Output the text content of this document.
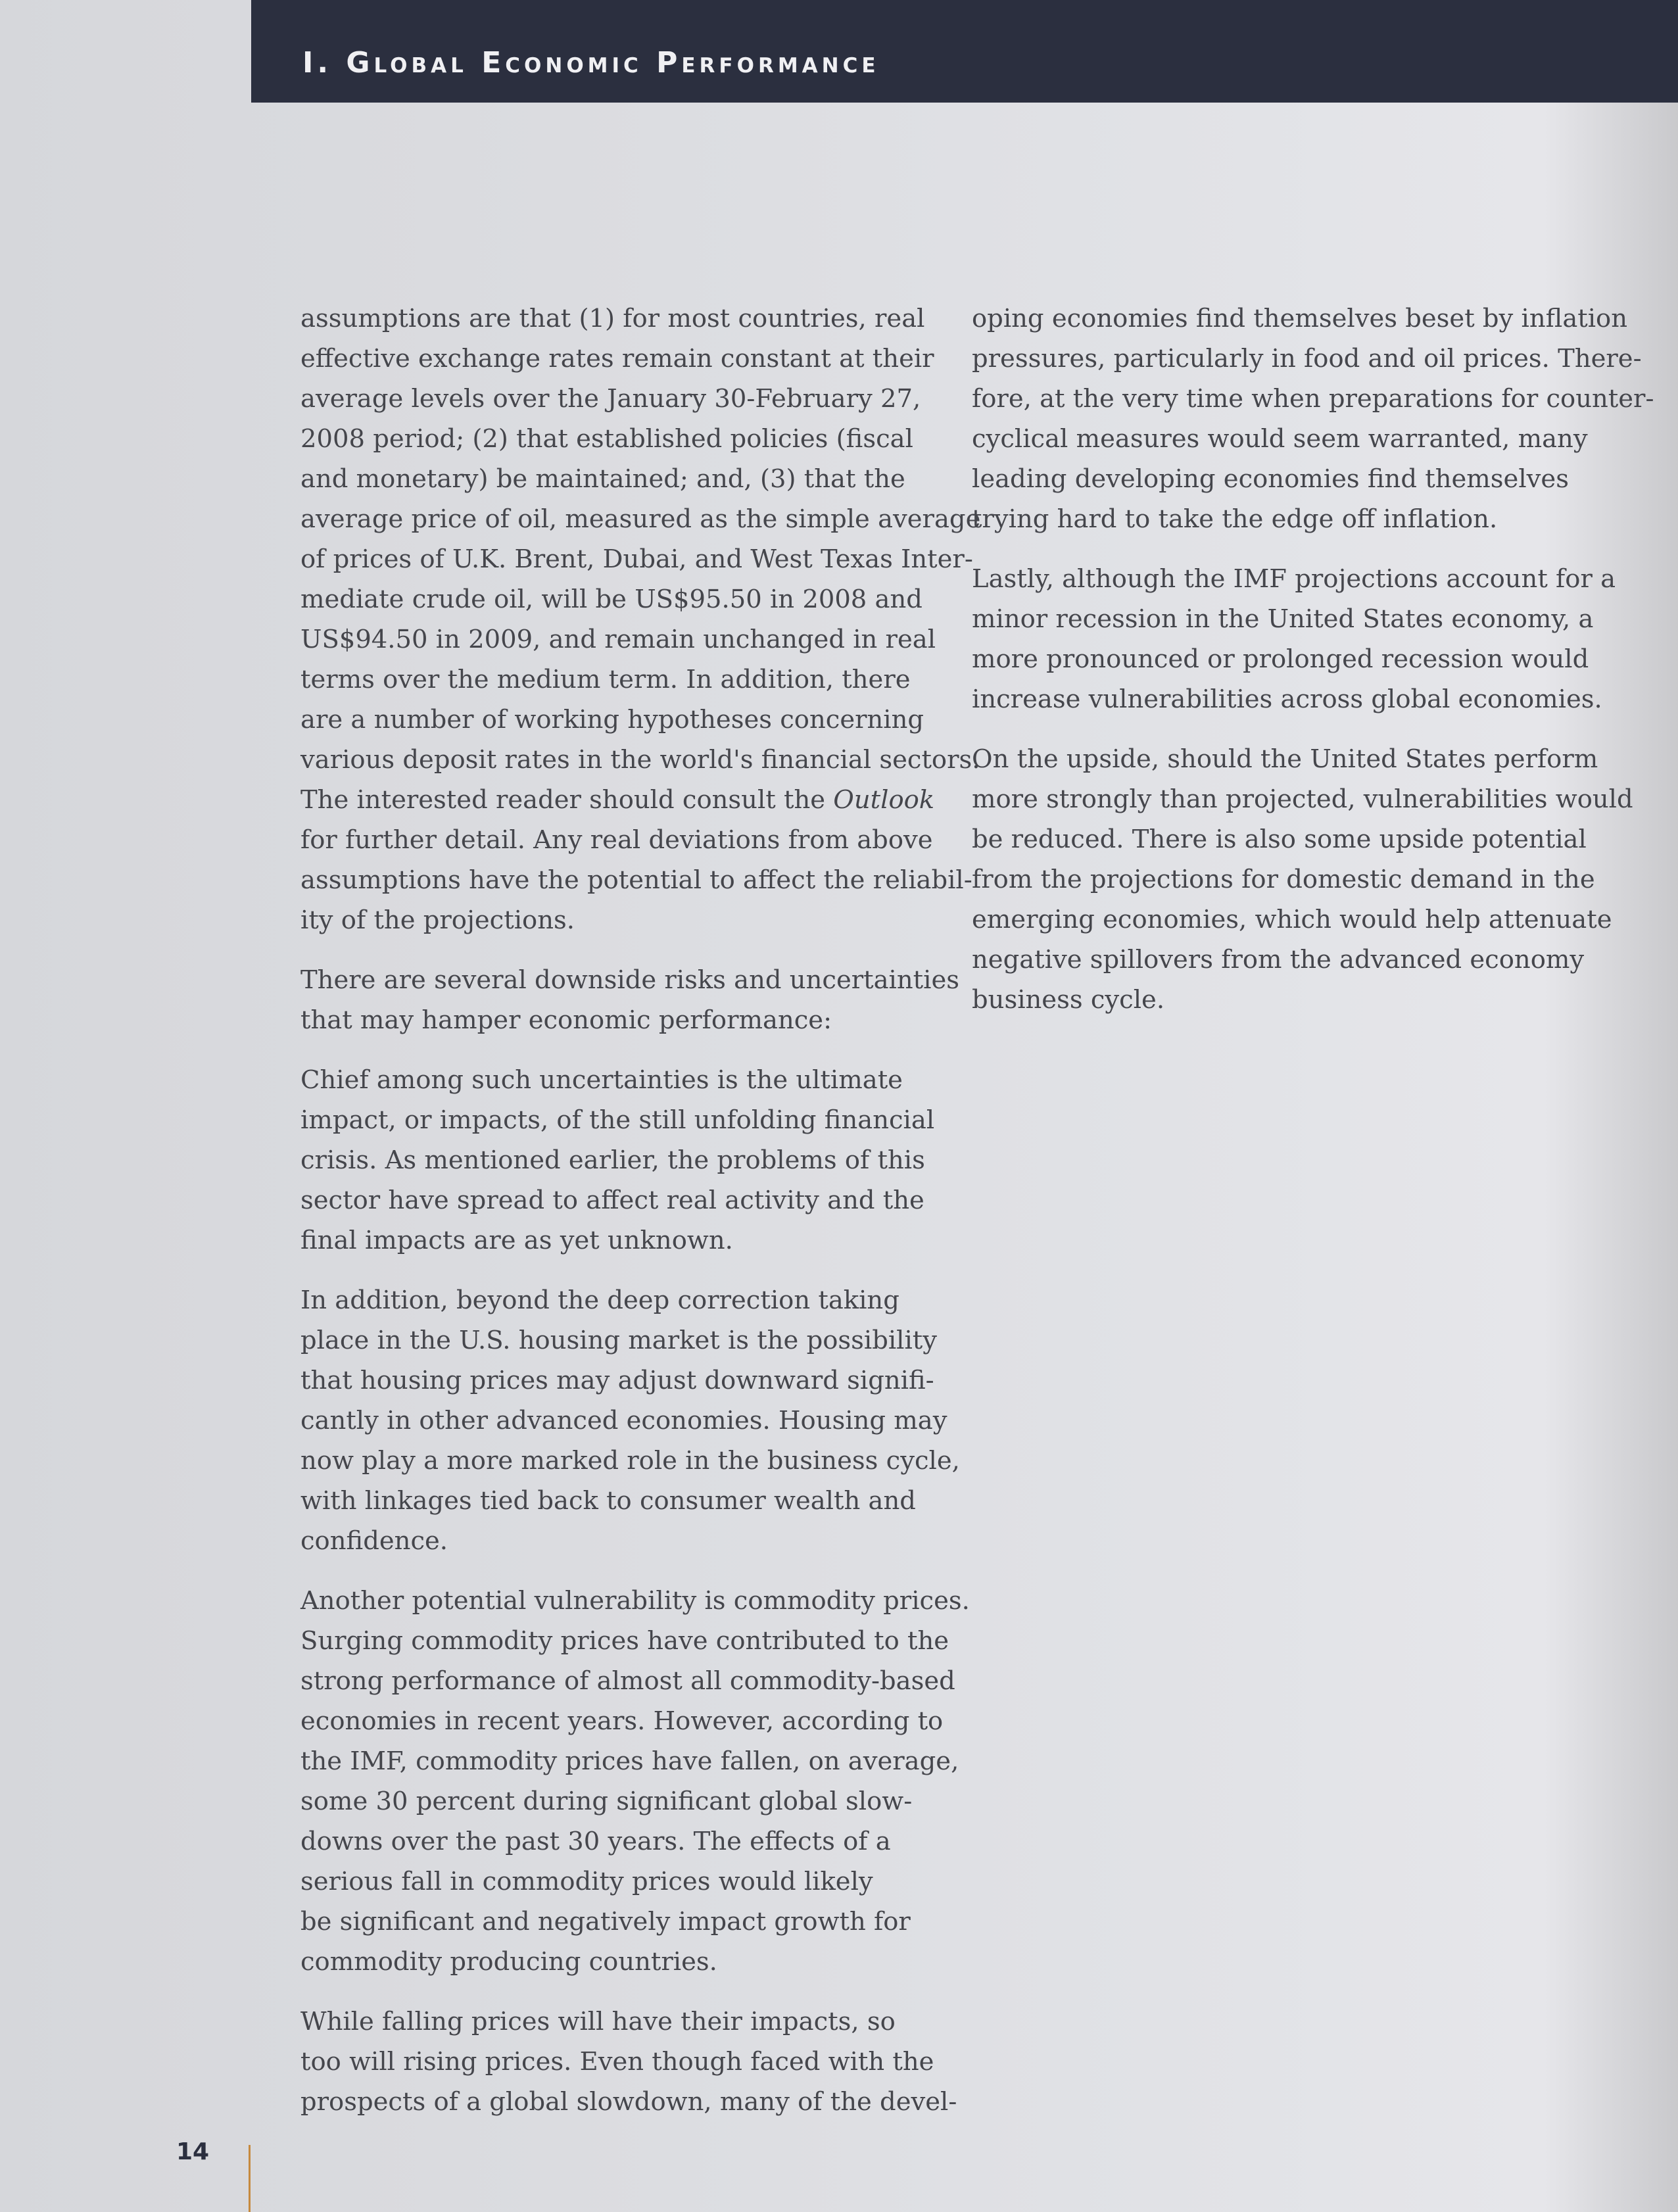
I. Global Economic Performance
assumptions are that (1) for most countries, real
effective exchange rates remain constant at their
average levels over the January 30-February 27,
2008 period; (2) that established policies (fiscal
and monetary) be maintained; and, (3) that the
average price of oil, measured as the simple average
of prices of U.K. Brent, Dubai, and West Texas Inter-
mediate crude oil, will be US$95.50 in 2008 and
US$94.50 in 2009, and remain unchanged in real
terms over the medium term. In addition, there
are a number of working hypotheses concerning
various deposit rates in the world's financial sectors.
The interested reader should consult the Outlook
for further detail. Any real deviations from above
assumptions have the potential to affect the reliabil-
ity of the projections.
There are several downside risks and uncertainties
that may hamper economic performance:
Chief among such uncertainties is the ultimate
impact, or impacts, of the still unfolding financial
crisis. As mentioned earlier, the problems of this
sector have spread to affect real activity and the
final impacts are as yet unknown.
In addition, beyond the deep correction taking
place in the U.S. housing market is the possibility
that housing prices may adjust downward signifi-
cantly in other advanced economies. Housing may
now play a more marked role in the business cycle,
with linkages tied back to consumer wealth and
confidence.
Another potential vulnerability is commodity prices.
Surging commodity prices have contributed to the
strong performance of almost all commodity-based
economies in recent years. However, according to
the IMF, commodity prices have fallen, on average,
some 30 percent during significant global slow-
downs over the past 30 years. The effects of a
serious fall in commodity prices would likely
be significant and negatively impact growth for
commodity producing countries.
While falling prices will have their impacts, so
too will rising prices. Even though faced with the
prospects of a global slowdown, many of the devel-
oping economies find themselves beset by inflation
pressures, particularly in food and oil prices. There-
fore, at the very time when preparations for counter-
cyclical measures would seem warranted, many
leading developing economies find themselves
trying hard to take the edge off inflation.
Lastly, although the IMF projections account for a
minor recession in the United States economy, a
more pronounced or prolonged recession would
increase vulnerabilities across global economies.
On the upside, should the United States perform
more strongly than projected, vulnerabilities would
be reduced. There is also some upside potential
from the projections for domestic demand in the
emerging economies, which would help attenuate
negative spillovers from the advanced economy
business cycle.
14
